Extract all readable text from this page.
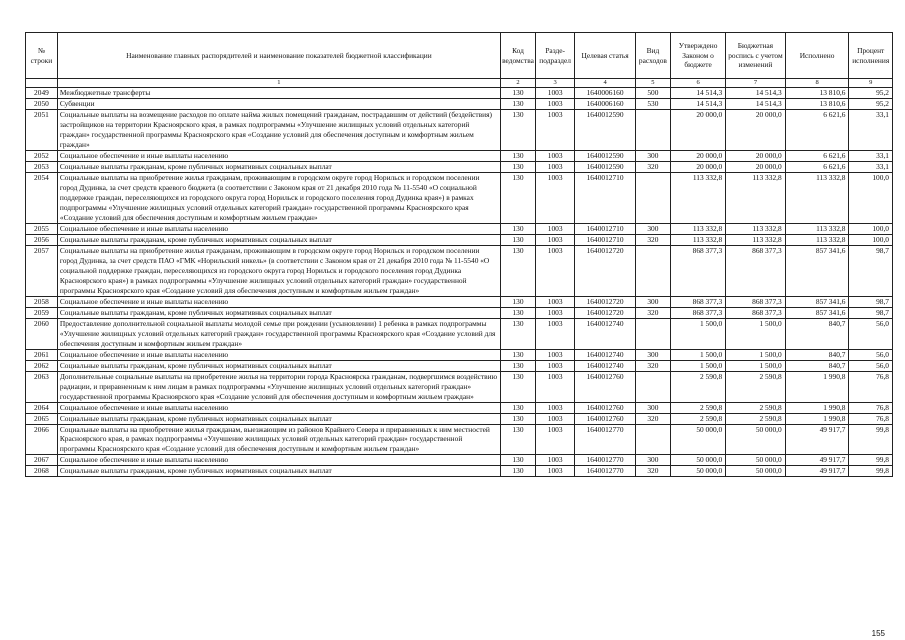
№ строки	Наименование главных распорядителей и наименование показателей бюджетной классификации	Код ведомства	Разде-подраздел	Целевая статья	Вид расходов	Утверждено Законом о бюджете	Бюджетная роспись с учетом изменений	Исполнено	Процент исполнения
	1	2	3	4	5	6	7	8	9
2049	Межбюджетные трансферты	130	1003	1640006160	500	14 514,3	14 514,3	13 810,6	95,2
2050	Субвенции	130	1003	1640006160	530	14 514,3	14 514,3	13 810,6	95,2
2051	Социальные выплаты на возмещение расходов по оплате найма жилых помещений гражданам, пострадавшим от действий (бездействия) застройщиков на территории Красноярского края, в рамках подпрограммы «Улучшение жилищных условий отдельных категорий граждан» государственной программы Красноярского края «Создание условий для обеспечения доступным и комфортным жильем граждан»	130	1003	1640012590		20 000,0	20 000,0	6 621,6	33,1
2052	Социальное обеспечение и иные выплаты населению	130	1003	1640012590	300	20 000,0	20 000,0	6 621,6	33,1
2053	Социальные выплаты гражданам, кроме публичных нормативных социальных выплат	130	1003	1640012590	320	20 000,0	20 000,0	6 621,6	33,1
2054	Социальные выплаты на приобретение жилья гражданам, проживающим в городском округе город Норильск и городском поселении город Дудинка, за счет средств краевого бюджета (в соответствии с Законом края от 21 декабря 2010 года № 11-5540 «О социальной поддержке граждан, переселяющихся из городского округа город Норильск и городского поселения город Дудинка края») в рамках подпрограммы «Улучшение жилищных условий отдельных категорий граждан» государственной программы Красноярского края «Создание условий для обеспечения доступным и комфортным жильем граждан»	130	1003	1640012710		113 332,8	113 332,8	113 332,8	100,0
2055	Социальное обеспечение и иные выплаты населению	130	1003	1640012710	300	113 332,8	113 332,8	113 332,8	100,0
2056	Социальные выплаты гражданам, кроме публичных нормативных социальных выплат	130	1003	1640012710	320	113 332,8	113 332,8	113 332,8	100,0
2057	Социальные выплаты на приобретение жилья гражданам, проживающим в городском округе город Норильск и городском поселении город Дудинка, за счет средств ПАО «ГМК «Норильский никель» (в соответствии с Законом края от 21 декабря 2010 года № 11-5540 «О социальной поддержке граждан, переселяющихся из городского округа город Норильск и городского поселения город Дудинка Красноярского края») в рамках подпрограммы «Улучшение жилищных условий отдельных категорий граждан» государственной программы Красноярского края «Создание условий для обеспечения доступным и комфортным жильем граждан»	130	1003	1640012720		868 377,3	868 377,3	857 341,6	98,7
2058	Социальное обеспечение и иные выплаты населению	130	1003	1640012720	300	868 377,3	868 377,3	857 341,6	98,7
2059	Социальные выплаты гражданам, кроме публичных нормативных социальных выплат	130	1003	1640012720	320	868 377,3	868 377,3	857 341,6	98,7
2060	Предоставление дополнительной социальной выплаты молодой семье при рождении (усыновлении) 1 ребенка в рамках подпрограммы «Улучшение жилищных условий отдельных категорий граждан» государственной программы Красноярского края «Создание условий для обеспечения доступным и комфортным жильем граждан»	130	1003	1640012740		1 500,0	1 500,0	840,7	56,0
2061	Социальное обеспечение и иные выплаты населению	130	1003	1640012740	300	1 500,0	1 500,0	840,7	56,0
2062	Социальные выплаты гражданам, кроме публичных нормативных социальных выплат	130	1003	1640012740	320	1 500,0	1 500,0	840,7	56,0
2063	Дополнительные социальные выплаты на приобретение жилья на территории города Красноярска гражданам, подвергшимся воздействию радиации, и приравненным к ним лицам в рамках подпрограммы «Улучшение жилищных условий отдельных категорий граждан» государственной программы Красноярского края «Создание условий для обеспечения доступным и комфортным жильем граждан»	130	1003	1640012760		2 590,8	2 590,8	1 990,8	76,8
2064	Социальное обеспечение и иные выплаты населению	130	1003	1640012760	300	2 590,8	2 590,8	1 990,8	76,8
2065	Социальные выплаты гражданам, кроме публичных нормативных социальных выплат	130	1003	1640012760	320	2 590,8	2 590,8	1 990,8	76,8
2066	Социальные выплаты на приобретение жилья гражданам, выезжающим из районов Крайнего Севера и приравненных к ним местностей Красноярского края, в рамках подпрограммы «Улучшение жилищных условий отдельных категорий граждан» государственной программы Красноярского края «Создание условий для обеспечения доступным и комфортным жильем граждан»	130	1003	1640012770		50 000,0	50 000,0	49 917,7	99,8
2067	Социальное обеспечение и иные выплаты населению	130	1003	1640012770	300	50 000,0	50 000,0	49 917,7	99,8
2068	Социальные выплаты гражданам, кроме публичных нормативных социальных выплат	130	1003	1640012770	320	50 000,0	50 000,0	49 917,7	99,8
155
